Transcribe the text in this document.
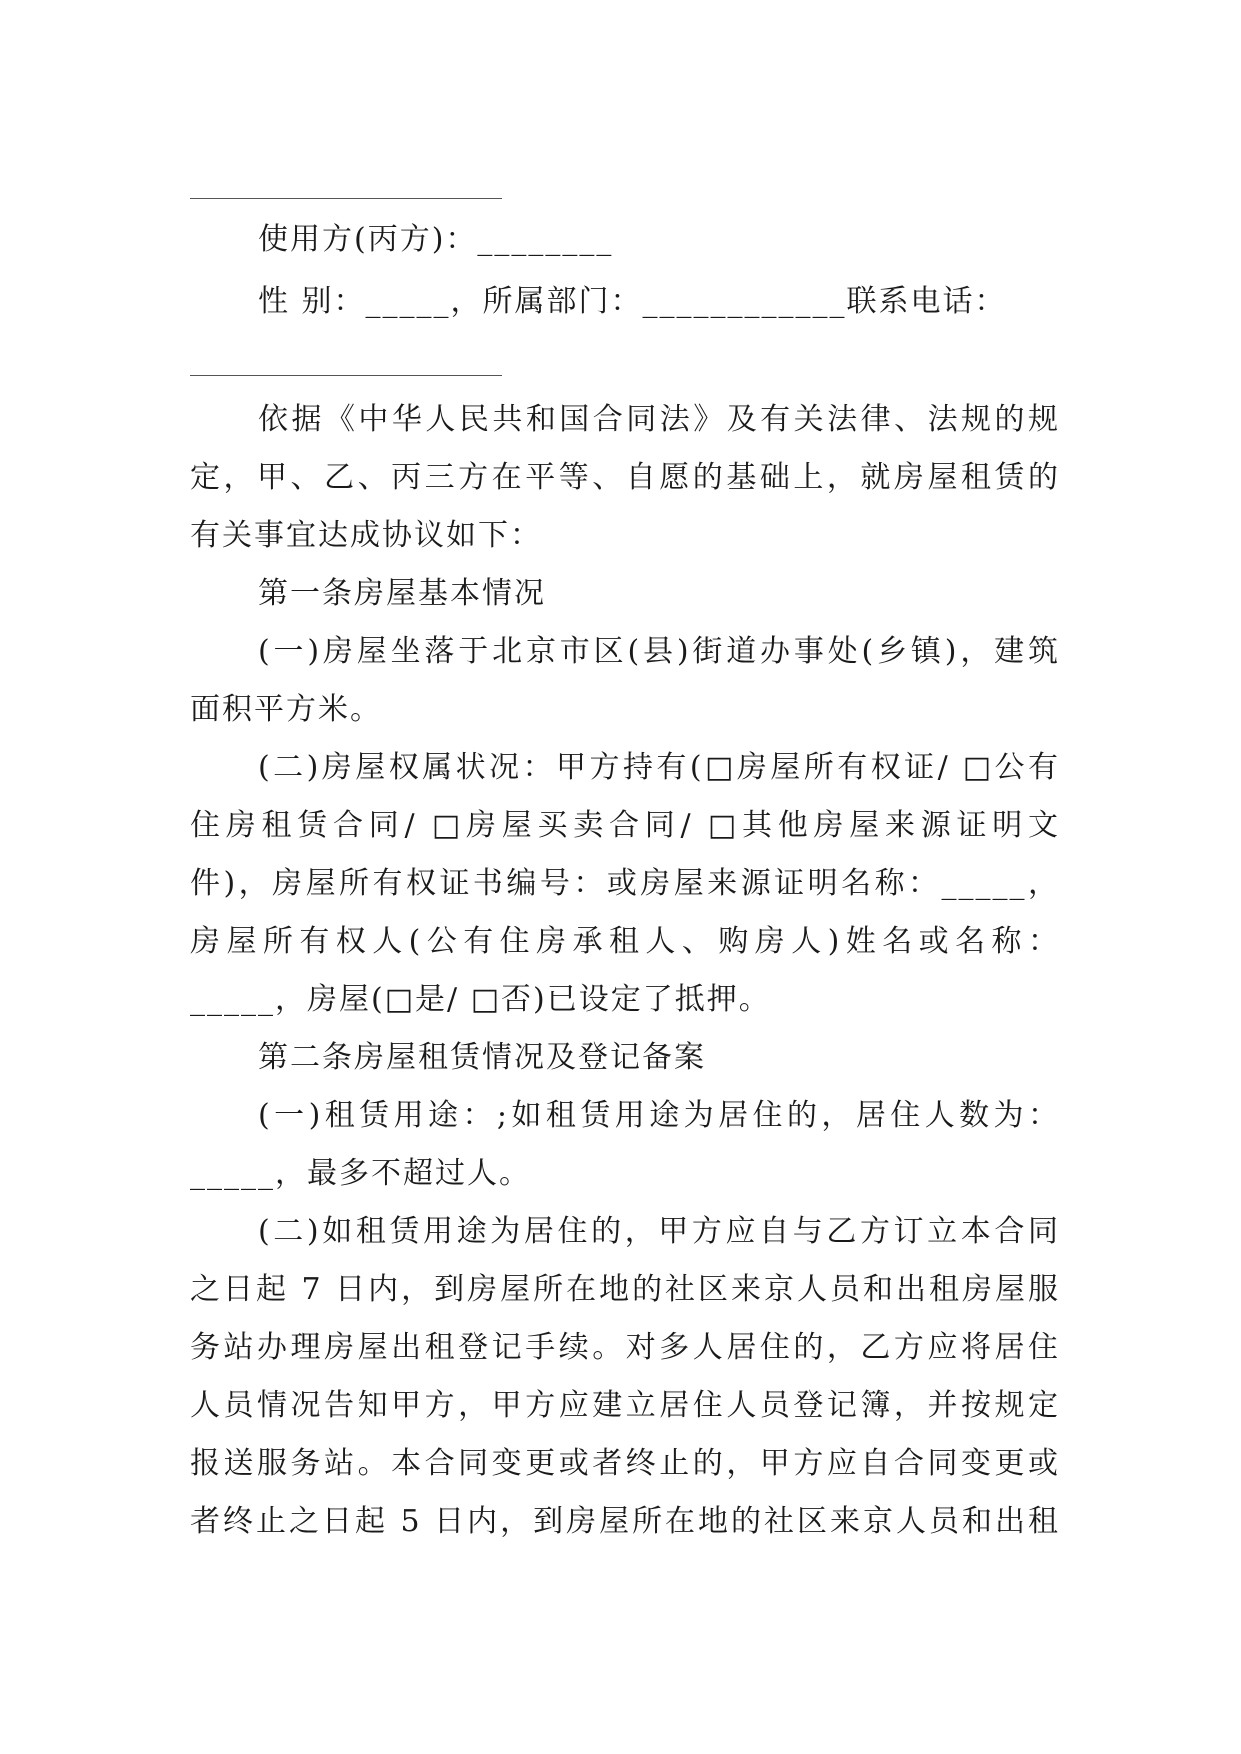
使用方(丙方)：________
性 别：_____，所属部门：____________联系电话：
依据《中华人民共和国合同法》及有关法律、法规的规
定，甲、乙、丙三方在平等、自愿的基础上，就房屋租赁的
有关事宜达成协议如下：
第一条房屋基本情况
(一)房屋坐落于北京市区(县)街道办事处(乡镇)，建筑
面积平方米。
(二)房屋权属状况：甲方持有(□房屋所有权证/ □公有
住房租赁合同/ □房屋买卖合同/ □其他房屋来源证明文
件)，房屋所有权证书编号：或房屋来源证明名称：_____，
房屋所有权人(公有住房承租人、购房人)姓名或名称：
_____，房屋(□是/ □否)已设定了抵押。
第二条房屋租赁情况及登记备案
(一)租赁用途：;如租赁用途为居住的，居住人数为：
_____，最多不超过人。
(二)如租赁用途为居住的，甲方应自与乙方订立本合同
之日起 7 日内，到房屋所在地的社区来京人员和出租房屋服
务站办理房屋出租登记手续。对多人居住的，乙方应将居住
人员情况告知甲方，甲方应建立居住人员登记簿，并按规定
报送服务站。本合同变更或者终止的，甲方应自合同变更或
者终止之日起 5 日内，到房屋所在地的社区来京人员和出租
